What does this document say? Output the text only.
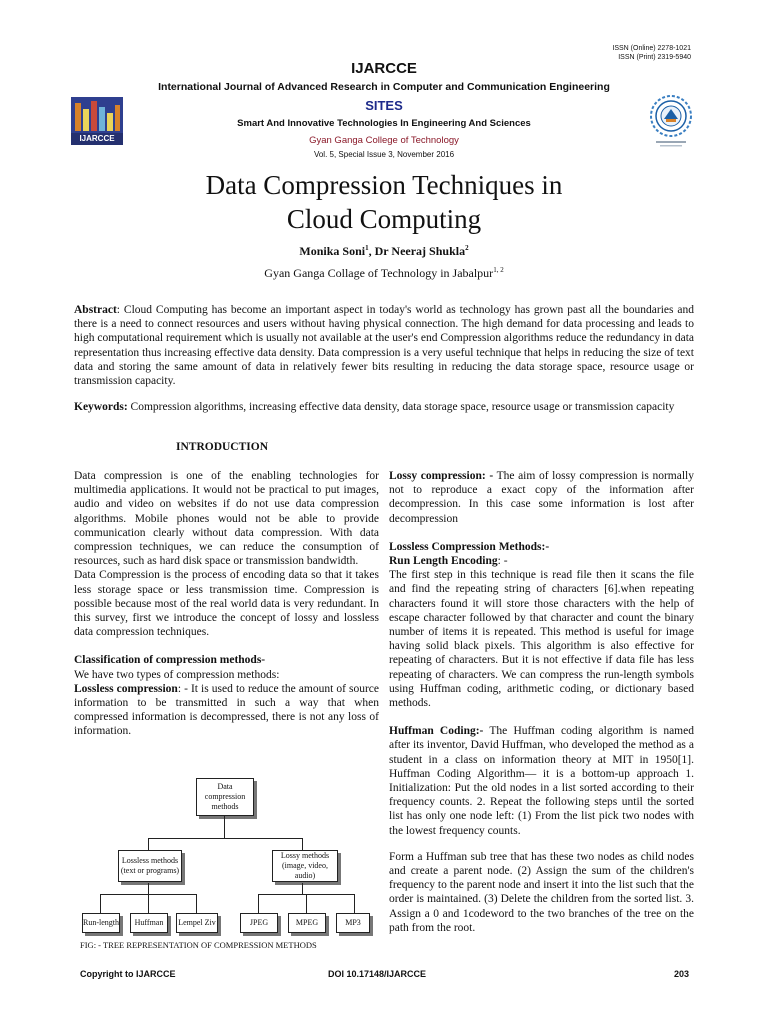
ISSN (Online) 2278-1021
ISSN (Print) 2319-5940
IJARCCE
IJARCCE
International Journal of Advanced Research in Computer and Communication Engineering
SITES
Smart And Innovative Technologies In Engineering And Sciences
Gyan Ganga College of Technology
Vol. 5, Special Issue 3, November 2016
Data Compression Techniques in
Cloud Computing
Monika Soni$^1$, Dr Neeraj Shukla$^2$
Gyan Ganga Collage of Technology in Jabalpur$^{1, 2}$
Abstract: Cloud Computing has become an important aspect in today's world as technology has grown past all the boundaries and there is a need to connect resources and users without having physical connection. The high demand for data processing and leads to high computational requirement which is usually not available at the user's end Compression algorithms reduce the redundancy in data representation thus increasing effective data density. Data compression is a very useful technique that helps in reducing the size of text data and storing the same amount of data in relatively fewer bits resulting in reducing the data storage space, resource usage or transmission capacity.
Keywords: Compression algorithms, increasing effective data density, data storage space, resource usage or transmission capacity
INTRODUCTION

Data compression is one of the enabling technologies for multimedia applications. It would not be practical to put images, audio and video on websites if do not use data compression algorithms. Mobile phones would not be able to provide communication clearly without data compression. With data compression techniques, we can reduce the consumption of resources, such as hard disk space or transmission bandwidth.

Data Compression is the process of encoding data so that it takes less storage space or less transmission time. Compression is possible because most of the real world data is very redundant. In this survey, first we introduce the concept of lossy and lossless data compression techniques.

Classification of compression methods-

We have two types of compression methods:

Lossless compression: - It is used to reduce the amount of source information to be transmitted in such a way that when compressed information is decompressed, there is not any loss of information.

Data compression methods
Lossless methods
(text or programs)
Lossy methods
(image, video, audio)
Run-length Huffman Lempel Ziv	JPEG	MPEG	MP3
FIG: - TREE REPRESENTATION OF COMPRESSION METHODS

Lossy compression: - The aim of lossy compression is normally not to reproduce a exact copy of the information after decompression. In this case some information is lost after decompression

Lossless Compression Methods:-

Run Length Encoding: -

The first step in this technique is read file then it scans the file and find the repeating string of characters [6].when repeating characters found it will store those characters with the help of escape character followed by that character and count the binary number of items it is repeated. This method is useful for image having solid black pixels. This algorithm is also effective for repeating of characters. But it is not effective if data file has less repeating of characters. We can compress the run-length symbols using Huffman coding, arithmetic coding, or dictionary based methods.

Huffman Coding:- The Huffman coding algorithm is named after its inventor, David Huffman, who developed the method as a student in a class on information theory at MIT in 1950[1]. Huffman Coding Algorithm— it is a bottom-up approach 1. Initialization: Put the old nodes in a list sorted according to their frequency counts. 2. Repeat the following steps until the sorted list has only one node left: (1) From the list pick two nodes with the lowest frequency counts.

Form a Huffman sub tree that has these two nodes as child nodes and create a parent node. (2) Assign the sum of the children's frequency to the parent node and insert it into the list such that the order is maintained. (3) Delete the children from the sorted list. 3. Assign a 0 and 1codeword to the two branches of the tree on the path from the root.

Copyright to IJARCCE	DOI 10.17148/IJARCCE	203
